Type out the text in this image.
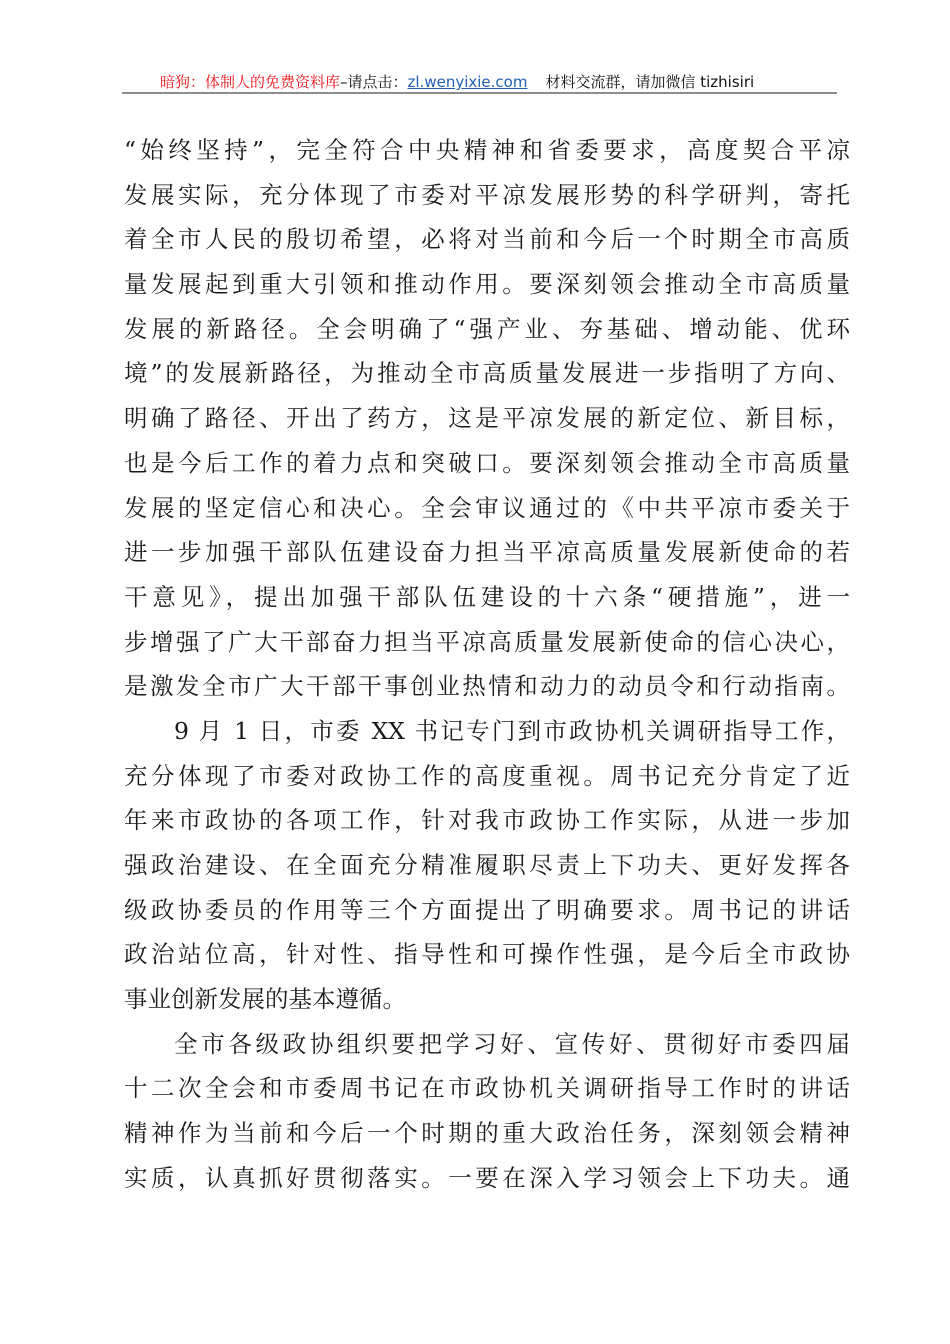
暗狗：体制人的免费资料库–请点击：zl.wenyixie.com 材料交流群，请加微信 tizhisiri
“始终坚持”，完全符合中央精神和省委要求，高度契合平凉
发展实际，充分体现了市委对平凉发展形势的科学研判，寄托
着全市人民的殷切希望，必将对当前和今后一个时期全市高质
量发展起到重大引领和推动作用。要深刻领会推动全市高质量
发展的新路径。全会明确了“强产业、夯基础、增动能、优环
境”的发展新路径，为推动全市高质量发展进一步指明了方向、
明确了路径、开出了药方，这是平凉发展的新定位、新目标，
也是今后工作的着力点和突破口。要深刻领会推动全市高质量
发展的坚定信心和决心。全会审议通过的《中共平凉市委关于
进一步加强干部队伍建设奋力担当平凉高质量发展新使命的若
干意见》，提出加强干部队伍建设的十六条“硬措施”，进一
步增强了广大干部奋力担当平凉高质量发展新使命的信心决心，
是激发全市广大干部干事创业热情和动力的动员令和行动指南。
9 月 1 日，市委 XX 书记专门到市政协机关调研指导工作，
充分体现了市委对政协工作的高度重视。周书记充分肯定了近
年来市政协的各项工作，针对我市政协工作实际，从进一步加
强政治建设、在全面充分精准履职尽责上下功夫、更好发挥各
级政协委员的作用等三个方面提出了明确要求。周书记的讲话
政治站位高，针对性、指导性和可操作性强，是今后全市政协
事业创新发展的基本遵循。
全市各级政协组织要把学习好、宣传好、贯彻好市委四届
十二次全会和市委周书记在市政协机关调研指导工作时的讲话
精神作为当前和今后一个时期的重大政治任务，深刻领会精神
实质，认真抓好贯彻落实。一要在深入学习领会上下功夫。通
